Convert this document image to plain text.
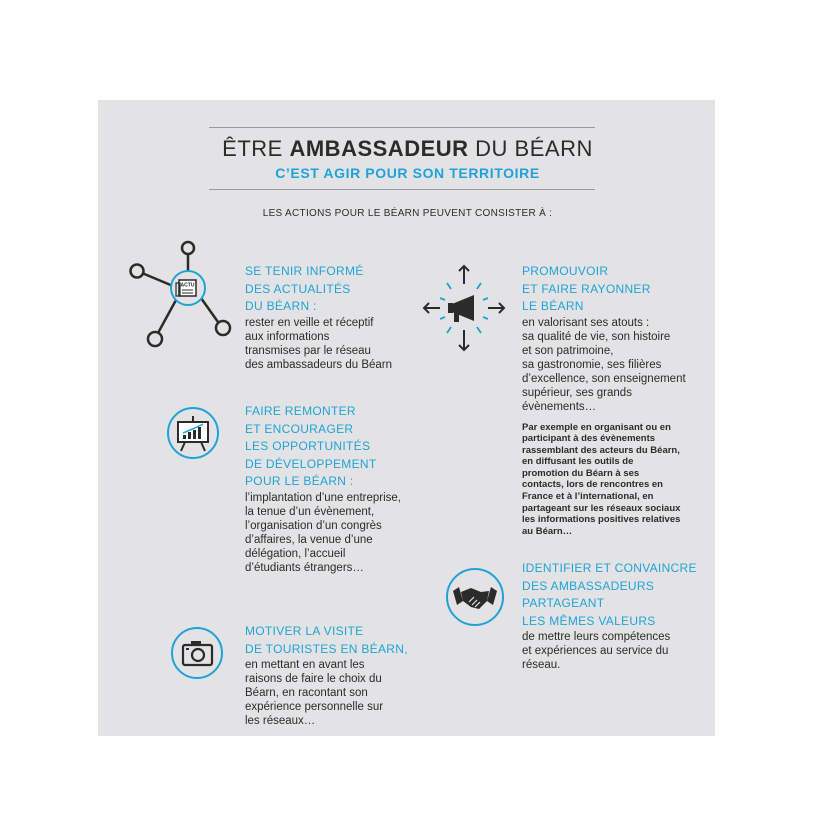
ÊTRE AMBASSADEUR DU BÉARN
C’EST AGIR POUR SON TERRITOIRE
LES ACTIONS POUR LE BÉARN PEUVENT CONSISTER À :
ACTU
SE TENIR INFORMÉ
DES ACTUALITÉS
DU BÉARN :
rester en veille et réceptif
aux informations
transmises par le réseau
des ambassadeurs du Béarn
FAIRE REMONTER
ET ENCOURAGER
LES OPPORTUNITÉS
DE DÉVELOPPEMENT
POUR LE BÉARN :
l’implantation d’une entreprise,
la tenue d’un évènement,
l’organisation d’un congrès
d’affaires, la venue d’une
délégation, l’accueil
d’étudiants étrangers…
MOTIVER LA VISITE
DE TOURISTES EN BÉARN,
en mettant en avant les
raisons de faire le choix du
Béarn, en racontant son
expérience personnelle sur
les réseaux…
PROMOUVOIR
ET FAIRE RAYONNER
LE BÉARN
en valorisant ses atouts :
sa qualité de vie, son histoire
et son patrimoine,
sa gastronomie, ses filières
d’excellence, son enseignement
supérieur, ses grands
évènements…
Par exemple en organisant ou en
participant à des évènements
rassemblant des acteurs du Béarn,
en diffusant les outils de
promotion du Béarn à ses
contacts, lors de rencontres en
France et à l’international, en
partageant sur les réseaux sociaux
les informations positives relatives
au Béarn…
IDENTIFIER ET CONVAINCRE
DES AMBASSADEURS
PARTAGEANT
LES MÊMES VALEURS
de mettre leurs compétences
et expériences au service du
réseau.
